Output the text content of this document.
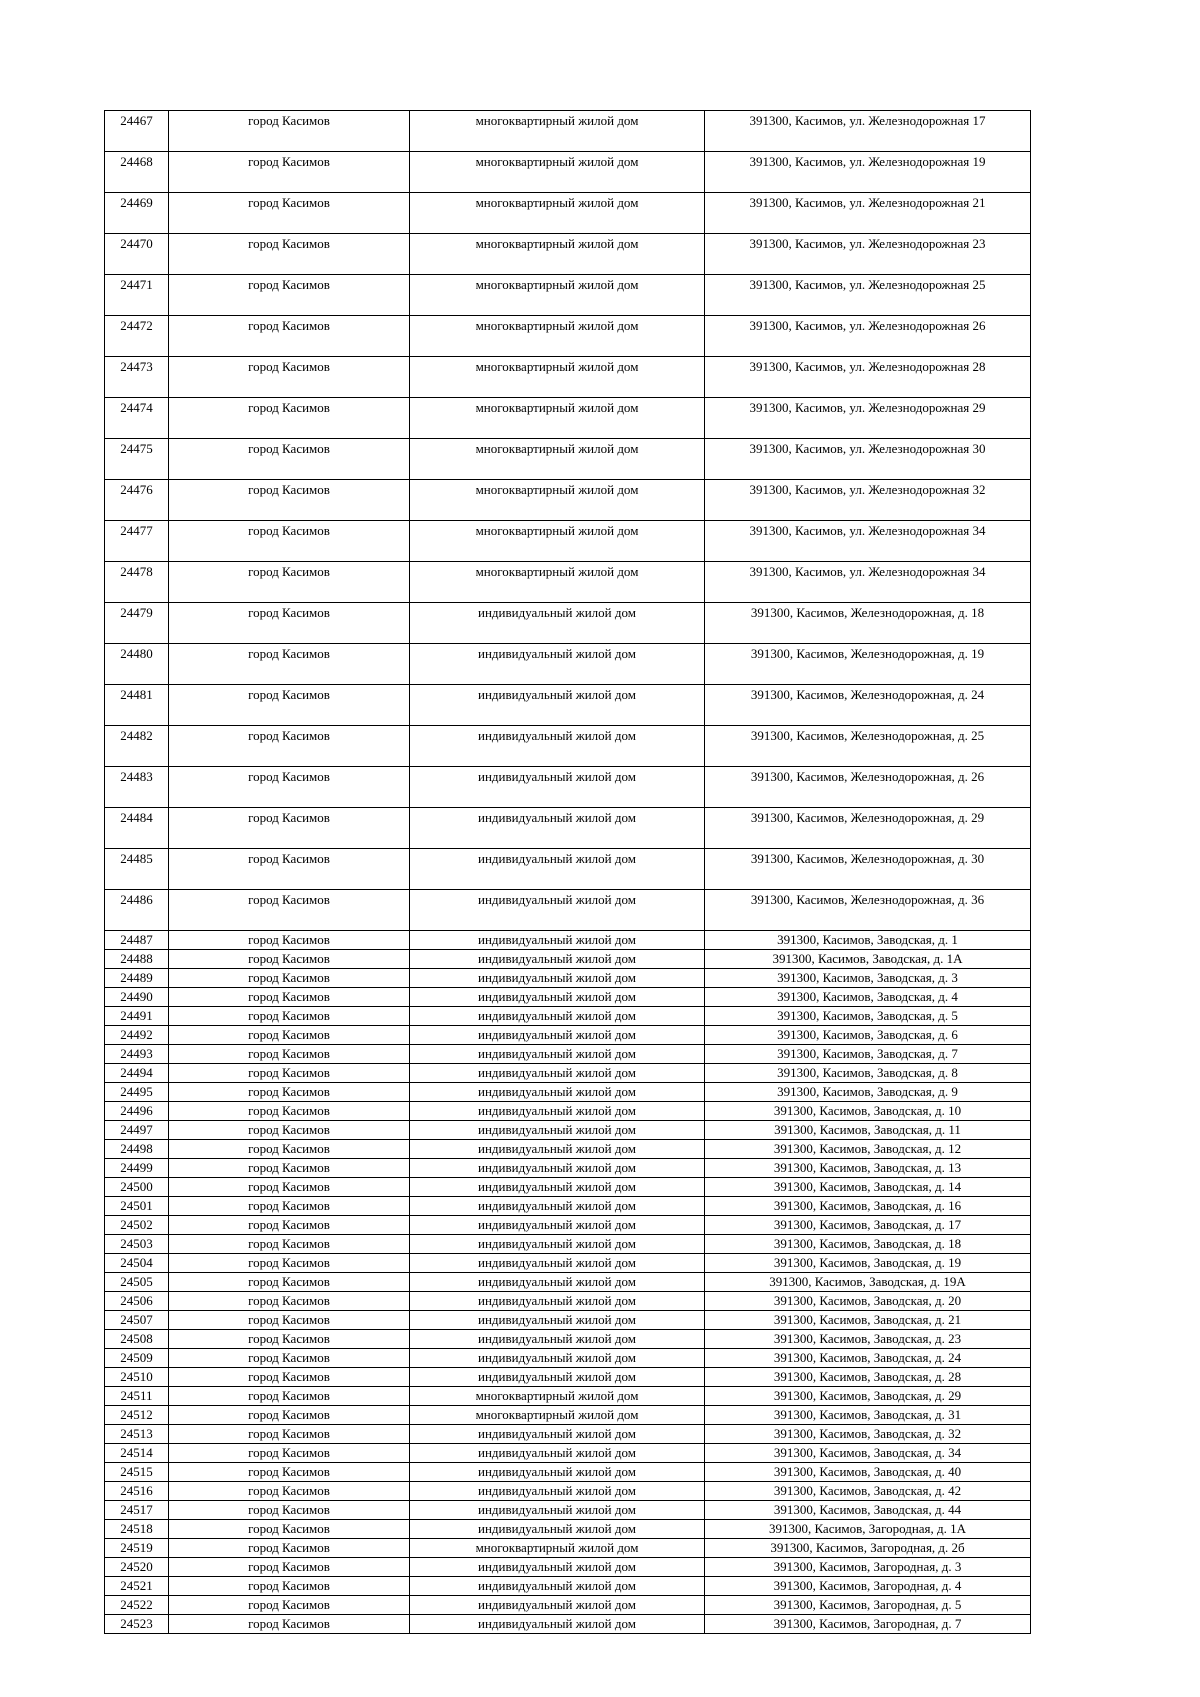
24467	город Касимов	многоквартирный жилой дом	391300, Касимов, ул. Железнодорожная 17
24468	город Касимов	многоквартирный жилой дом	391300, Касимов, ул. Железнодорожная 19
24469	город Касимов	многоквартирный жилой дом	391300, Касимов, ул. Железнодорожная 21
24470	город Касимов	многоквартирный жилой дом	391300, Касимов, ул. Железнодорожная 23
24471	город Касимов	многоквартирный жилой дом	391300, Касимов, ул. Железнодорожная 25
24472	город Касимов	многоквартирный жилой дом	391300, Касимов, ул. Железнодорожная 26
24473	город Касимов	многоквартирный жилой дом	391300, Касимов, ул. Железнодорожная 28
24474	город Касимов	многоквартирный жилой дом	391300, Касимов, ул. Железнодорожная 29
24475	город Касимов	многоквартирный жилой дом	391300, Касимов, ул. Железнодорожная 30
24476	город Касимов	многоквартирный жилой дом	391300, Касимов, ул. Железнодорожная 32
24477	город Касимов	многоквартирный жилой дом	391300, Касимов, ул. Железнодорожная 34
24478	город Касимов	многоквартирный жилой дом	391300, Касимов, ул. Железнодорожная 34
24479	город Касимов	индивидуальный жилой дом	391300, Касимов, Железнодорожная, д. 18
24480	город Касимов	индивидуальный жилой дом	391300, Касимов, Железнодорожная, д. 19
24481	город Касимов	индивидуальный жилой дом	391300, Касимов, Железнодорожная, д. 24
24482	город Касимов	индивидуальный жилой дом	391300, Касимов, Железнодорожная, д. 25
24483	город Касимов	индивидуальный жилой дом	391300, Касимов, Железнодорожная, д. 26
24484	город Касимов	индивидуальный жилой дом	391300, Касимов, Железнодорожная, д. 29
24485	город Касимов	индивидуальный жилой дом	391300, Касимов, Железнодорожная, д. 30
24486	город Касимов	индивидуальный жилой дом	391300, Касимов, Железнодорожная, д. 36
24487	город Касимов	индивидуальный жилой дом	391300, Касимов, Заводская, д. 1
24488	город Касимов	индивидуальный жилой дом	391300, Касимов, Заводская, д. 1А
24489	город Касимов	индивидуальный жилой дом	391300, Касимов, Заводская, д. 3
24490	город Касимов	индивидуальный жилой дом	391300, Касимов, Заводская, д. 4
24491	город Касимов	индивидуальный жилой дом	391300, Касимов, Заводская, д. 5
24492	город Касимов	индивидуальный жилой дом	391300, Касимов, Заводская, д. 6
24493	город Касимов	индивидуальный жилой дом	391300, Касимов, Заводская, д. 7
24494	город Касимов	индивидуальный жилой дом	391300, Касимов, Заводская, д. 8
24495	город Касимов	индивидуальный жилой дом	391300, Касимов, Заводская, д. 9
24496	город Касимов	индивидуальный жилой дом	391300, Касимов, Заводская, д. 10
24497	город Касимов	индивидуальный жилой дом	391300, Касимов, Заводская, д. 11
24498	город Касимов	индивидуальный жилой дом	391300, Касимов, Заводская, д. 12
24499	город Касимов	индивидуальный жилой дом	391300, Касимов, Заводская, д. 13
24500	город Касимов	индивидуальный жилой дом	391300, Касимов, Заводская, д. 14
24501	город Касимов	индивидуальный жилой дом	391300, Касимов, Заводская, д. 16
24502	город Касимов	индивидуальный жилой дом	391300, Касимов, Заводская, д. 17
24503	город Касимов	индивидуальный жилой дом	391300, Касимов, Заводская, д. 18
24504	город Касимов	индивидуальный жилой дом	391300, Касимов, Заводская, д. 19
24505	город Касимов	индивидуальный жилой дом	391300, Касимов, Заводская, д. 19А
24506	город Касимов	индивидуальный жилой дом	391300, Касимов, Заводская, д. 20
24507	город Касимов	индивидуальный жилой дом	391300, Касимов, Заводская, д. 21
24508	город Касимов	индивидуальный жилой дом	391300, Касимов, Заводская, д. 23
24509	город Касимов	индивидуальный жилой дом	391300, Касимов, Заводская, д. 24
24510	город Касимов	индивидуальный жилой дом	391300, Касимов, Заводская, д. 28
24511	город Касимов	многоквартирный жилой дом	391300, Касимов, Заводская, д. 29
24512	город Касимов	многоквартирный жилой дом	391300, Касимов, Заводская, д. 31
24513	город Касимов	индивидуальный жилой дом	391300, Касимов, Заводская, д. 32
24514	город Касимов	индивидуальный жилой дом	391300, Касимов, Заводская, д. 34
24515	город Касимов	индивидуальный жилой дом	391300, Касимов, Заводская, д. 40
24516	город Касимов	индивидуальный жилой дом	391300, Касимов, Заводская, д. 42
24517	город Касимов	индивидуальный жилой дом	391300, Касимов, Заводская, д. 44
24518	город Касимов	индивидуальный жилой дом	391300, Касимов, Загородная, д. 1А
24519	город Касимов	многоквартирный жилой дом	391300, Касимов, Загородная, д. 2б
24520	город Касимов	индивидуальный жилой дом	391300, Касимов, Загородная, д. 3
24521	город Касимов	индивидуальный жилой дом	391300, Касимов, Загородная, д. 4
24522	город Касимов	индивидуальный жилой дом	391300, Касимов, Загородная, д. 5
24523	город Касимов	индивидуальный жилой дом	391300, Касимов, Загородная, д. 7
